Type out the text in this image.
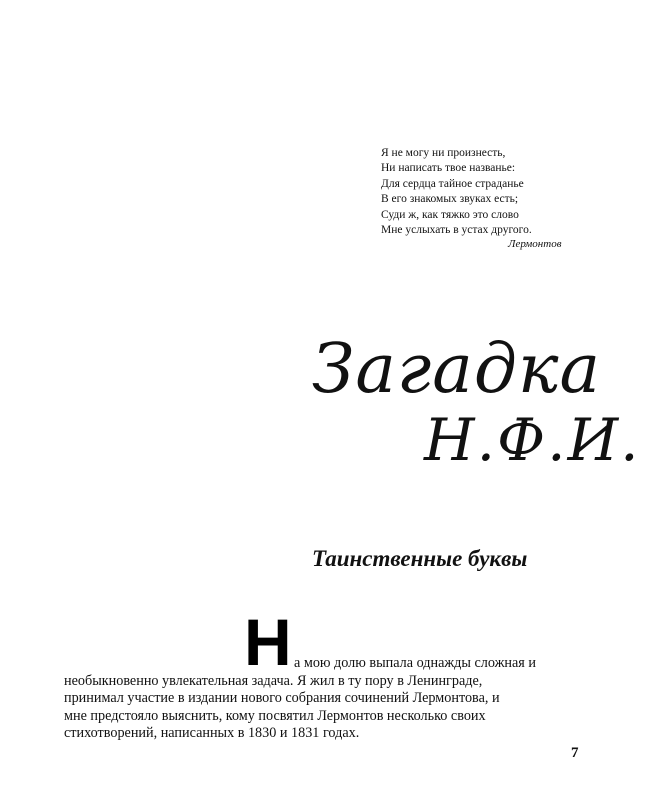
Я не могу ни произнесть,
Ни написать твое названье:
Для сердца тайное страданье
В его знакомых звуках есть;
Суди ж, как тяжко это слово
Мне услыхать в устах другого.
Лермонтов
Загадка
Н.Ф.И.
Таинственные буквы
Н а мою долю выпала однажды сложная и
необыкновенно увлекательная задача. Я жил в ту пору в Ленинграде,
принимал участие в издании нового собрания сочинений Лермонтова, и
мне предстояло выяснить, кому посвятил Лермонтов несколько своих
стихотворений, написанных в 1830 и 1831 годах.
7
